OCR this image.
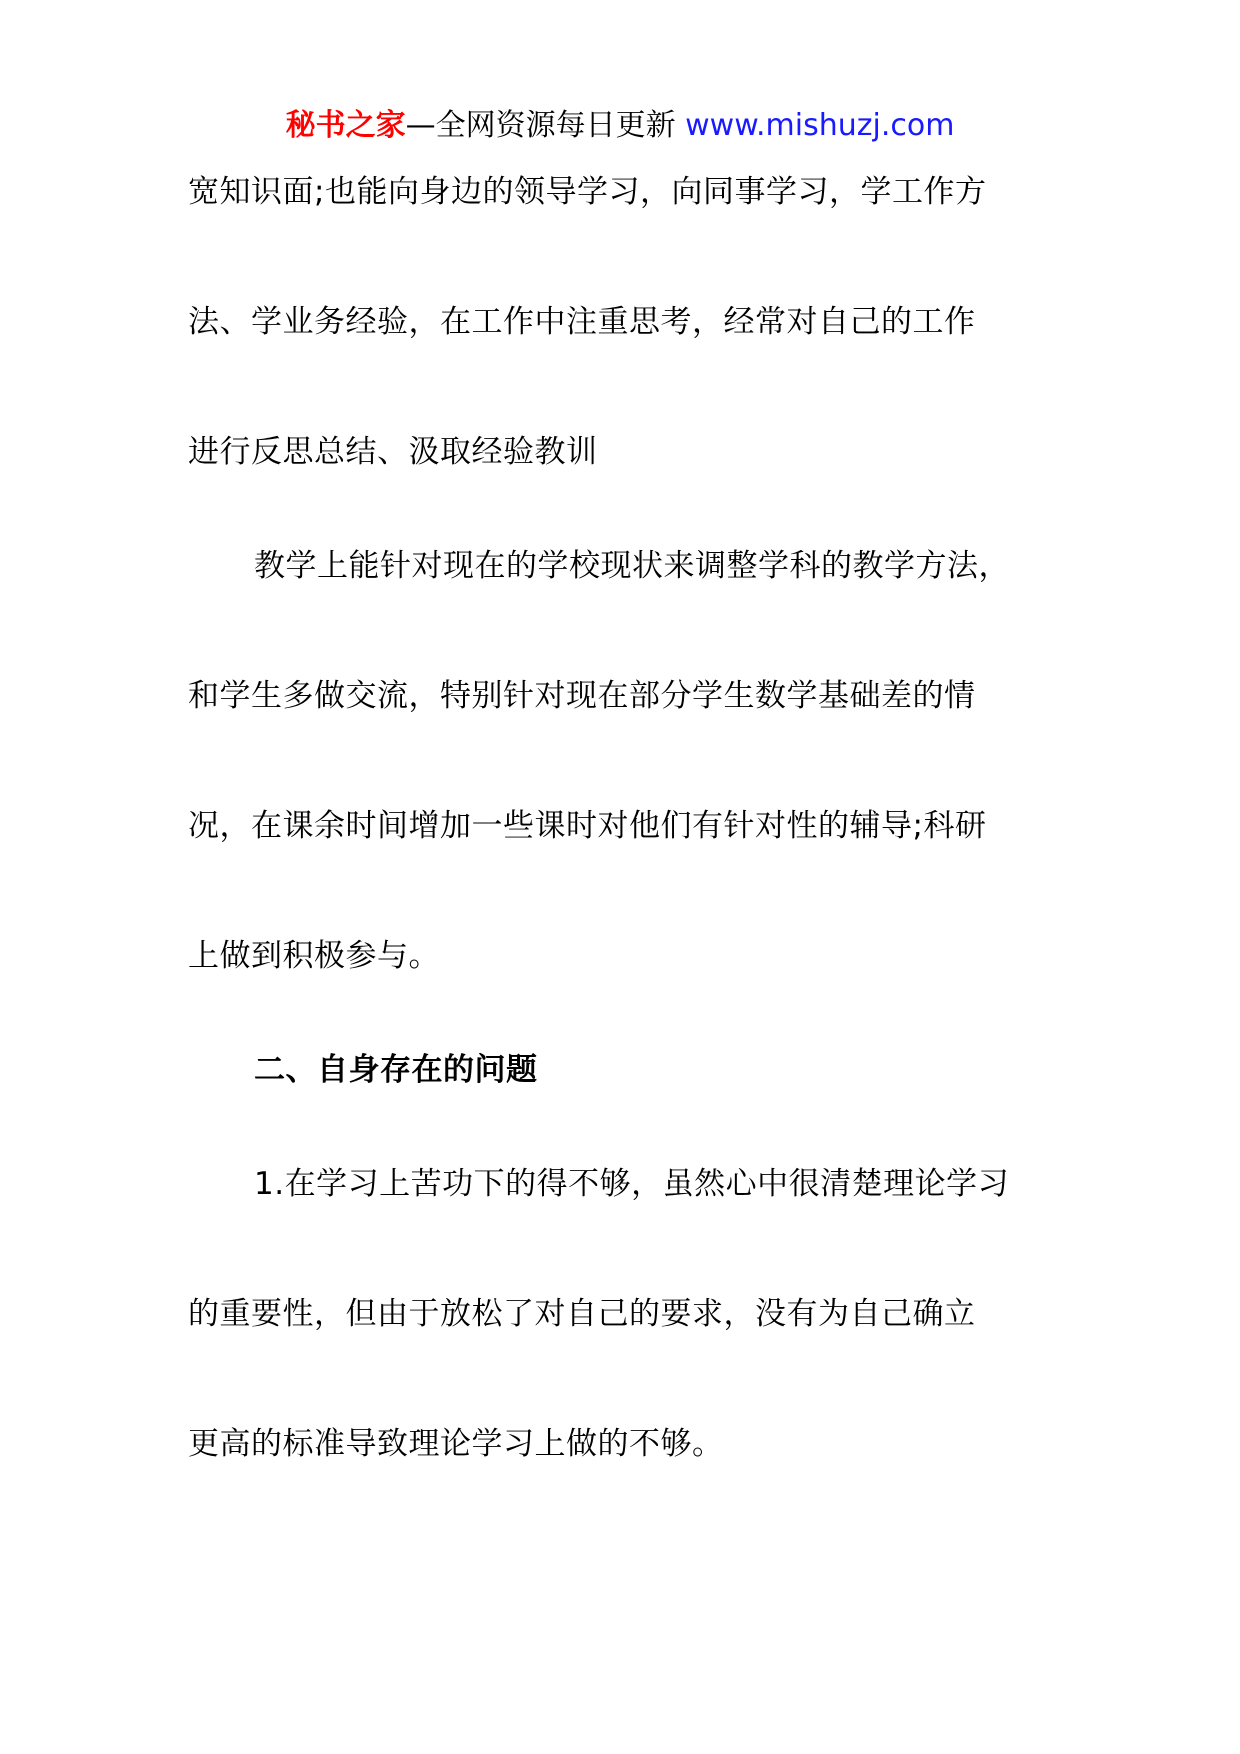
秘书之家—全网资源每日更新 www.mishuzj.com
宽知识面;也能向身边的领导学习，向同事学习，学工作方
法、学业务经验，在工作中注重思考，经常对自己的工作
进行反思总结、汲取经验教训
教学上能针对现在的学校现状来调整学科的教学方法，
和学生多做交流，特别针对现在部分学生数学基础差的情
况，在课余时间增加一些课时对他们有针对性的辅导;科研
上做到积极参与。
二、自身存在的问题
1.在学习上苦功下的得不够，虽然心中很清楚理论学习
的重要性，但由于放松了对自己的要求，没有为自己确立
更高的标准导致理论学习上做的不够。
